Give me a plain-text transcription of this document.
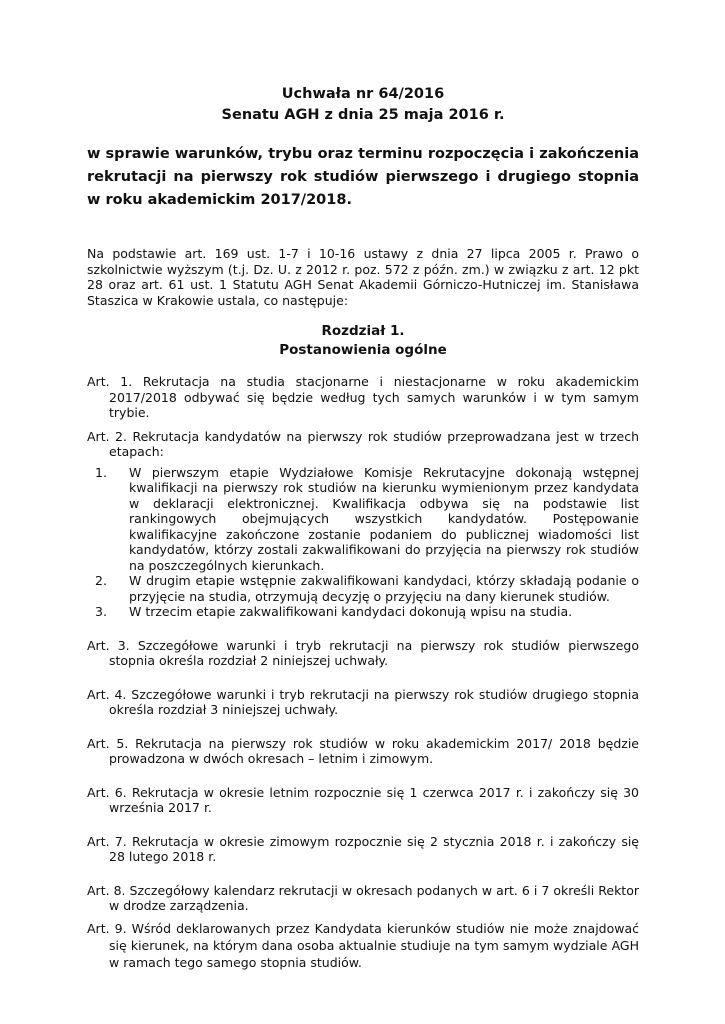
Uchwała nr 64/2016
Senatu AGH z dnia 25 maja 2016 r.
w sprawie warunków, trybu oraz terminu rozpoczęcia i zakończenia rekrutacji na pierwszy rok studiów pierwszego i drugiego stopnia w roku akademickim 2017/2018.
Na podstawie art. 169 ust. 1-7 i 10-16 ustawy z dnia 27 lipca 2005 r. Prawo o szkolnictwie wyższym (t.j. Dz. U. z 2012 r. poz. 572 z późn. zm.) w związku z art. 12 pkt 28 oraz art. 61 ust. 1 Statutu AGH Senat Akademii Górniczo-Hutniczej im. Stanisława Staszica w Krakowie ustala, co następuje:
Rozdział 1.
Postanowienia ogólne
Art. 1. Rekrutacja na studia stacjonarne i niestacjonarne w roku akademickim 2017/2018 odbywać się będzie według tych samych warunków i w tym samym trybie.
Art. 2. Rekrutacja kandydatów na pierwszy rok studiów przeprowadzana jest w trzech etapach:
1. W pierwszym etapie Wydziałowe Komisje Rekrutacyjne dokonają wstępnej kwalifikacji na pierwszy rok studiów na kierunku wymienionym przez kandydata w deklaracji elektronicznej. Kwalifikacja odbywa się na podstawie list rankingowych obejmujących wszystkich kandydatów. Postępowanie kwalifikacyjne zakończone zostanie podaniem do publicznej wiadomości list kandydatów, którzy zostali zakwalifikowani do przyjęcia na pierwszy rok studiów na poszczególnych kierunkach.
2. W drugim etapie wstępnie zakwalifikowani kandydaci, którzy składają podanie o przyjęcie na studia, otrzymują decyzję o przyjęciu na dany kierunek studiów.
3. W trzecim etapie zakwalifikowani kandydaci dokonują wpisu na studia.
Art. 3. Szczegółowe warunki i tryb rekrutacji na pierwszy rok studiów pierwszego stopnia określa rozdział 2 niniejszej uchwały.
Art. 4. Szczegółowe warunki i tryb rekrutacji na pierwszy rok studiów drugiego stopnia określa rozdział 3 niniejszej uchwały.
Art. 5. Rekrutacja na pierwszy rok studiów w roku akademickim 2017/ 2018 będzie prowadzona w dwóch okresach – letnim i zimowym.
Art. 6. Rekrutacja w okresie letnim rozpocznie się 1 czerwca 2017 r. i zakończy się 30 września 2017 r.
Art. 7. Rekrutacja w okresie zimowym rozpocznie się 2 stycznia 2018 r. i zakończy się 28 lutego 2018 r.
Art. 8. Szczegółowy kalendarz rekrutacji w okresach podanych w art. 6 i 7 określi Rektor w drodze zarządzenia.
Art. 9. Wśród deklarowanych przez Kandydata kierunków studiów nie może znajdować się kierunek, na którym dana osoba aktualnie studiuje na tym samym wydziale AGH w ramach tego samego stopnia studiów.
